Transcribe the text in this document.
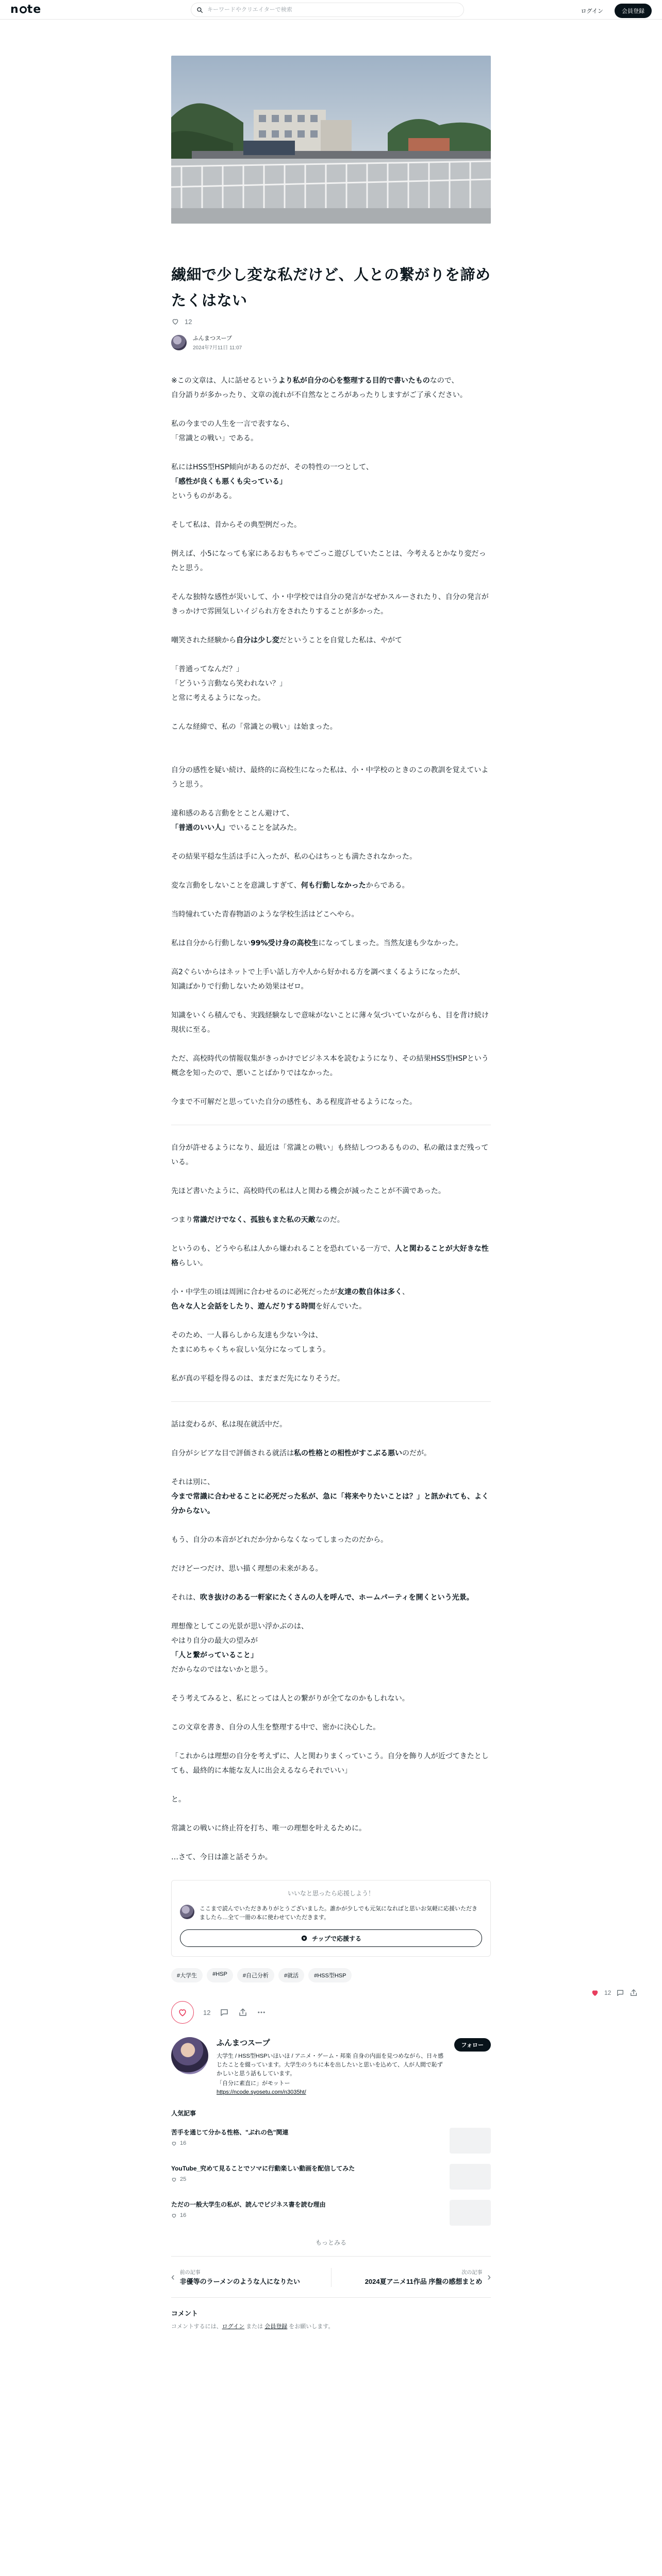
n te
キーワードやクリエイターで検索	ログイン	会員登録
繊細で少し変な私だけど、人との繋がりを諦めたくはない
12
ふんまつスープ
2024年7月11日 11:07

※この文章は、人に話せるというより私が自分の心を整理する目的で書いたものなので、

自分語りが多かったり、文章の流れが不自然なところがあったりしますがご了承ください。

私の今までの人生を一言で表すなら、

「常識との戦い」である。

私にはHSS型HSP傾向があるのだが、その特性の一つとして、

「感性が良くも悪くも尖っている」

というものがある。

そして私は、昔からその典型例だった。

例えば、小5になっても家にあるおもちゃでごっこ遊びしていたことは、今考えるとかなり変だったと思う。

そんな独特な感性が災いして、小・中学校では自分の発言がなぜかスルーされたり、自分の発言がきっかけで雰囲気しいイジられ方をされたりすることが多かった。

嘲笑された経験から自分は少し変だということを自覚した私は、やがて

「普通ってなんだ？」

「どういう言動なら笑われない？」

と常に考えるようになった。

こんな経緯で、私の「常識との戦い」は始まった。

自分の感性を疑い続け、最終的に高校生になった私は、小・中学校のときのこの教訓を覚えていようと思う。

違和感のある言動をとことん避けて、

「普通のいい人」でいることを試みた。

その結果平穏な生活は手に入ったが、私の心はちっとも満たされなかった。

変な言動をしないことを意識しすぎて、何も行動しなかったからである。

当時憧れていた青春物語のような学校生活はどこへやら。

私は自分から行動しない99%受け身の高校生になってしまった。当然友達も少なかった。

高2ぐらいからはネットで上手い話し方や人から好かれる方を調べまくるようになったが、

知識ばかりで行動しないため効果はゼロ。

知識をいくら積んでも、実践経験なしで意味がないことに薄々気づいていながらも、目を背け続け現状に至る。

ただ、高校時代の情報収集がきっかけでビジネス本を読むようになり、その結果HSS型HSPという概念を知ったので、悪いことばかりではなかった。

今まで不可解だと思っていた自分の感性も、ある程度許せるようになった。

自分が許せるようになり、最近は「常識との戦い」も終結しつつあるものの、私の敵はまだ残っている。

先ほど書いたように、高校時代の私は人と関わる機会が減ったことが不満であった。

つまり常識だけでなく、孤独もまた私の天敵なのだ。

というのも、どうやら私は人から嫌われることを恐れている一方で、人と関わることが大好きな性格らしい。

小・中学生の頃は周囲に合わせるのに必死だったが友達の数自体は多く、

色々な人と会話をしたり、遊んだりする時間を好んでいた。

そのため、一人暮らしから友達も少ない今は、

たまにめちゃくちゃ寂しい気分になってしまう。

私が真の平穏を得るのは、まだまだ先になりそうだ。

話は変わるが、私は現在就活中だ。

自分がシビアな目で評価される就活は私の性格との相性がすこぶる悪いのだが。

それは別に、

今まで常識に合わせることに必死だった私が、急に「将来やりたいことは？」と訊かれても、よく分からない。

もう、自分の本音がどれだか分からなくなってしまったのだから。

だけどーつだけ、思い描く理想の未来がある。

それは、吹き抜けのある一軒家にたくさんの人を呼んで、ホームパーティを開くという光景。

理想像としてこの光景が思い浮かぶのは、

やはり自分の最大の望みが

「人と繋がっていること」

だからなのではないかと思う。

そう考えてみると、私にとっては人との繋がりが全てなのかもしれない。

この文章を書き、自分の人生を整理する中で、密かに決心した。

「これからは理想の自分を考えずに、人と関わりまくっていこう。自分を飾り人が近づてきたとしても、最終的に本能な友人に出会えるならそれでいい」

と。

常識との戦いに終止符を打ち、唯一の理想を叶えるために。

…さて、今日は誰と話そうか。

いいなと思ったら応援しよう！
ここまで読んでいただきありがとうございました。誰かが少しでも元気になればと思いお気軽に応援いただきましたら…全て一冊の本に使わせていただきます。
¥ チップで応援する
#大学生	#HSP	#自己分析	#就活	#HSS型HSP
12
ふんまつスープ
大学生 / HSS型HSPいほいほ / アニメ・ゲーム・邦楽 自身の内面を見つめながら、日々感じたことを綴っています。大学生のうちに本を出したいと思いを込めて、人が人間で恥ずかしいと思う話もしています。
「自分に素直に」がモットー
https://ncode.syosetu.com/n3035ht/
フォロー
人気記事
苦手を通じて分かる性格、"ぶれの色"関連
16
YouTube_究めて見ることでソマに行動楽しい動画を配信してみた
25
ただの一般大学生の私が、読んでビジネス書を読む理由
16
もっとみる
‹ 前の記事
非優等のラーメンのような人になりたい
次の記事
2024夏アニメ11作品 序盤の感想まとめ ›
コメント
コメントするには、ログイン または 会員登録 をお願いします。
12
